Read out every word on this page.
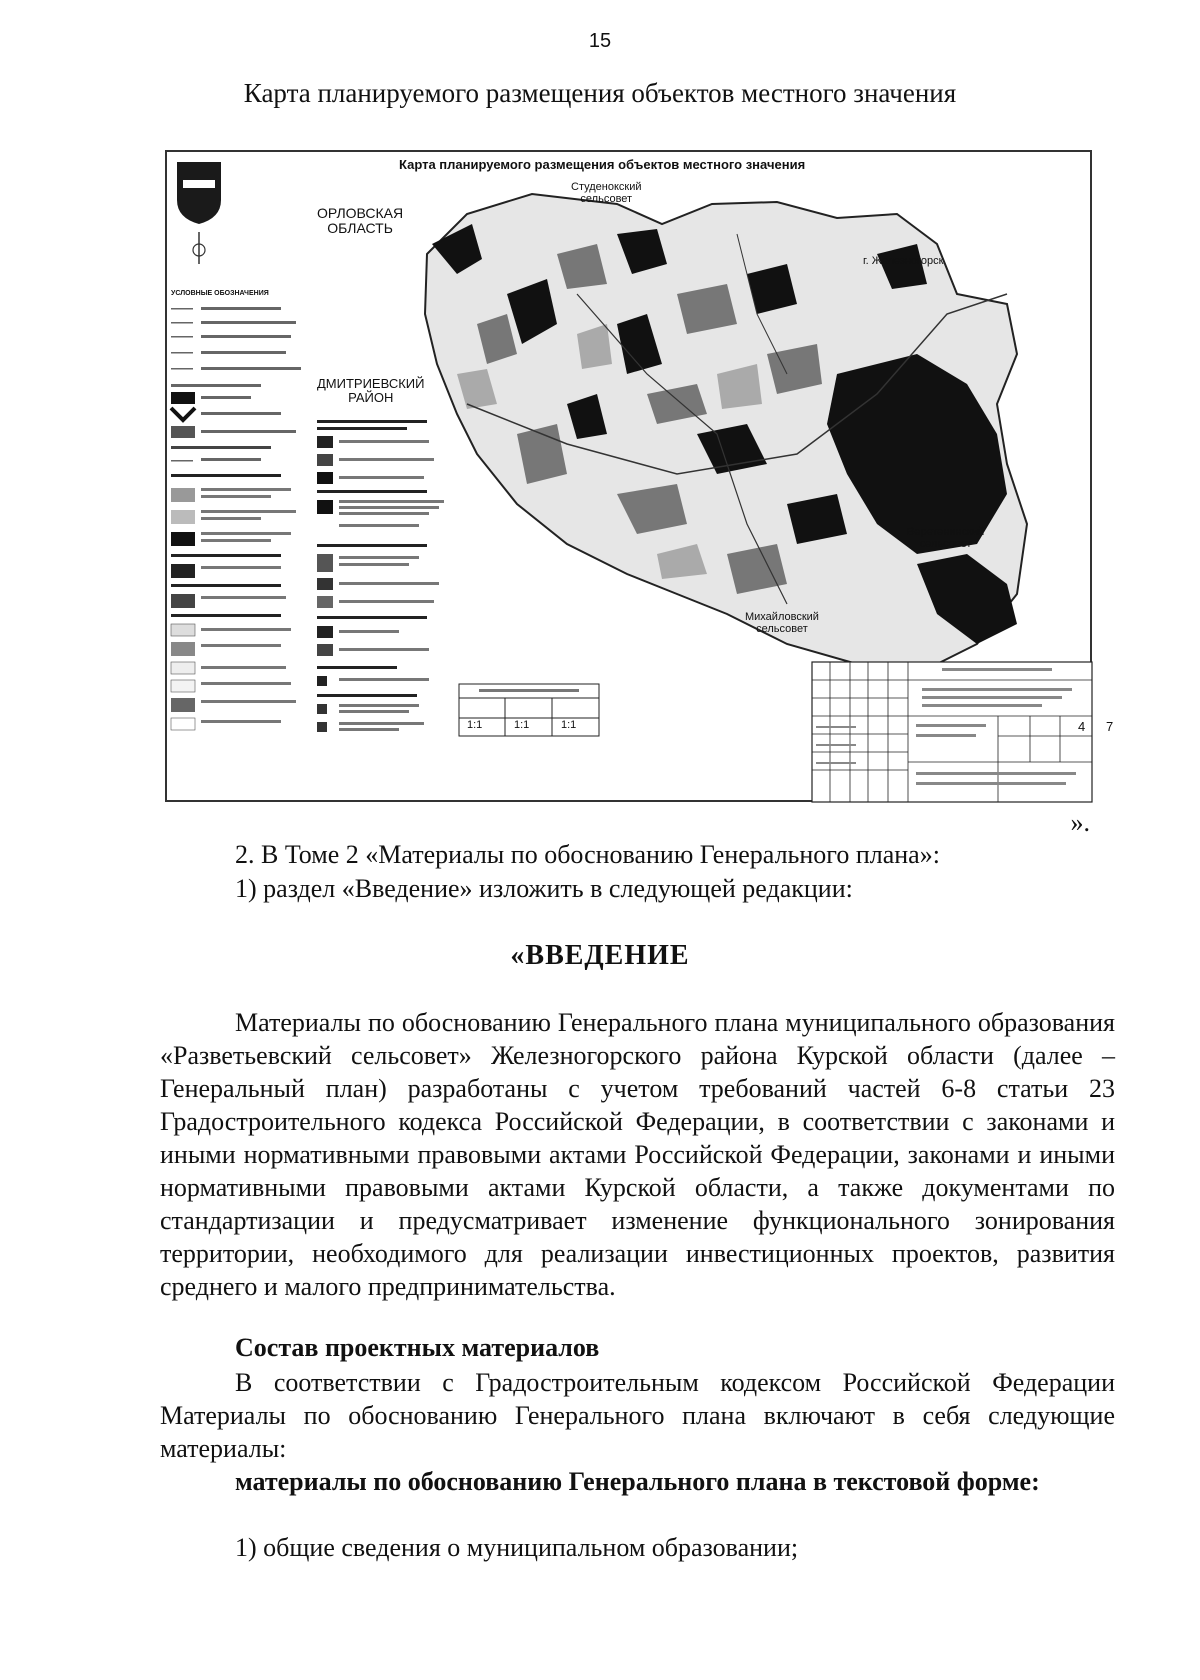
15
Карта планируемого размещения объектов местного значения
Карта планируемого размещения объектов местного значения
УСЛОВНЫЕ ОБОЗНАЧЕНИЯ
ОРЛОВСКАЯ
ОБЛАСТЬ
Студенокский
сельсовет
г. Железногорск
ДМИТРИЕВСКИЙ
РАЙОН
Веретенинский
сельсовет
Михайловский
сельсовет
1:1	1:1	1:1	4 7
».
2. В Томе 2 «Материалы по обоснованию Генерального плана»:
1) раздел «Введение» изложить в следующей редакции:
«ВВЕДЕНИЕ
Материалы по обоснованию Генерального плана муниципального образования «Разветьевский сельсовет» Железногорского района Курской области (далее – Генеральный план) разработаны с учетом требований частей 6-8 статьи 23 Градостроительного кодекса Российской Федерации, в соответствии с законами и иными нормативными правовыми актами Российской Федерации, законами и иными нормативными правовыми актами Курской области, а также документами по стандартизации и предусматривает изменение функционального зонирования территории, необходимого для реализации инвестиционных проектов, развития среднего и малого предпринимательства.
Состав проектных материалов
В соответствии с Градостроительным кодексом Российской Федерации Материалы по обоснованию Генерального плана включают в себя следующие материалы:
материалы по обоснованию Генерального плана в текстовой форме:
1) общие сведения о муниципальном образовании;
